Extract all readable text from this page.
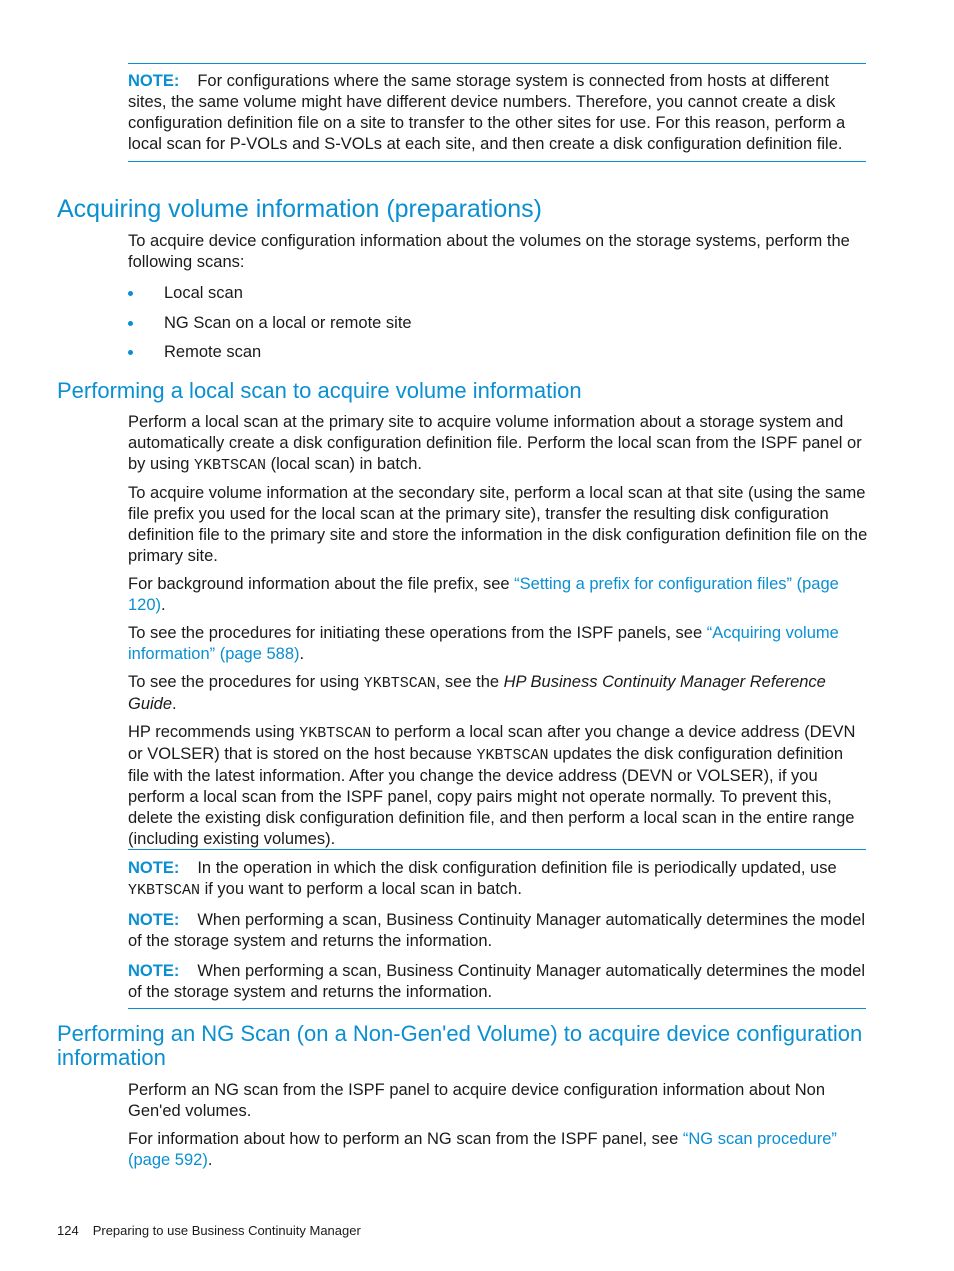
NOTE: For configurations where the same storage system is connected from hosts at different sites, the same volume might have different device numbers. Therefore, you cannot create a disk configuration definition file on a site to transfer to the other sites for use. For this reason, perform a local scan for P-VOLs and S-VOLs at each site, and then create a disk configuration definition file.

Acquiring volume information (preparations)

To acquire device configuration information about the volumes on the storage systems, perform the following scans:

Local scan
NG Scan on a local or remote site
Remote scan
Performing a local scan to acquire volume information

Perform a local scan at the primary site to acquire volume information about a storage system and automatically create a disk configuration definition file. Perform the local scan from the ISPF panel or by using YKBTSCAN (local scan) in batch.

To acquire volume information at the secondary site, perform a local scan at that site (using the same file prefix you used for the local scan at the primary site), transfer the resulting disk configuration definition file to the primary site and store the information in the disk configuration definition file on the primary site.

For background information about the file prefix, see “Setting a prefix for configuration files” (page 120).

To see the procedures for initiating these operations from the ISPF panels, see “Acquiring volume information” (page 588).

To see the procedures for using YKBTSCAN, see the HP Business Continuity Manager Reference Guide.

HP recommends using YKBTSCAN to perform a local scan after you change a device address (DEVN or VOLSER) that is stored on the host because YKBTSCAN updates the disk configuration definition file with the latest information. After you change the device address (DEVN or VOLSER), if you perform a local scan from the ISPF panel, copy pairs might not operate normally. To prevent this, delete the existing disk configuration definition file, and then perform a local scan in the entire range (including existing volumes).

NOTE: In the operation in which the disk configuration definition file is periodically updated, use YKBTSCAN if you want to perform a local scan in batch.

NOTE: When performing a scan, Business Continuity Manager automatically determines the model of the storage system and returns the information.

NOTE: When performing a scan, Business Continuity Manager automatically determines the model of the storage system and returns the information.

Performing an NG Scan (on a Non-Gen'ed Volume) to acquire device configuration information

Perform an NG scan from the ISPF panel to acquire device configuration information about Non Gen'ed volumes.

For information about how to perform an NG scan from the ISPF panel, see “NG scan procedure” (page 592).

124 Preparing to use Business Continuity Manager
